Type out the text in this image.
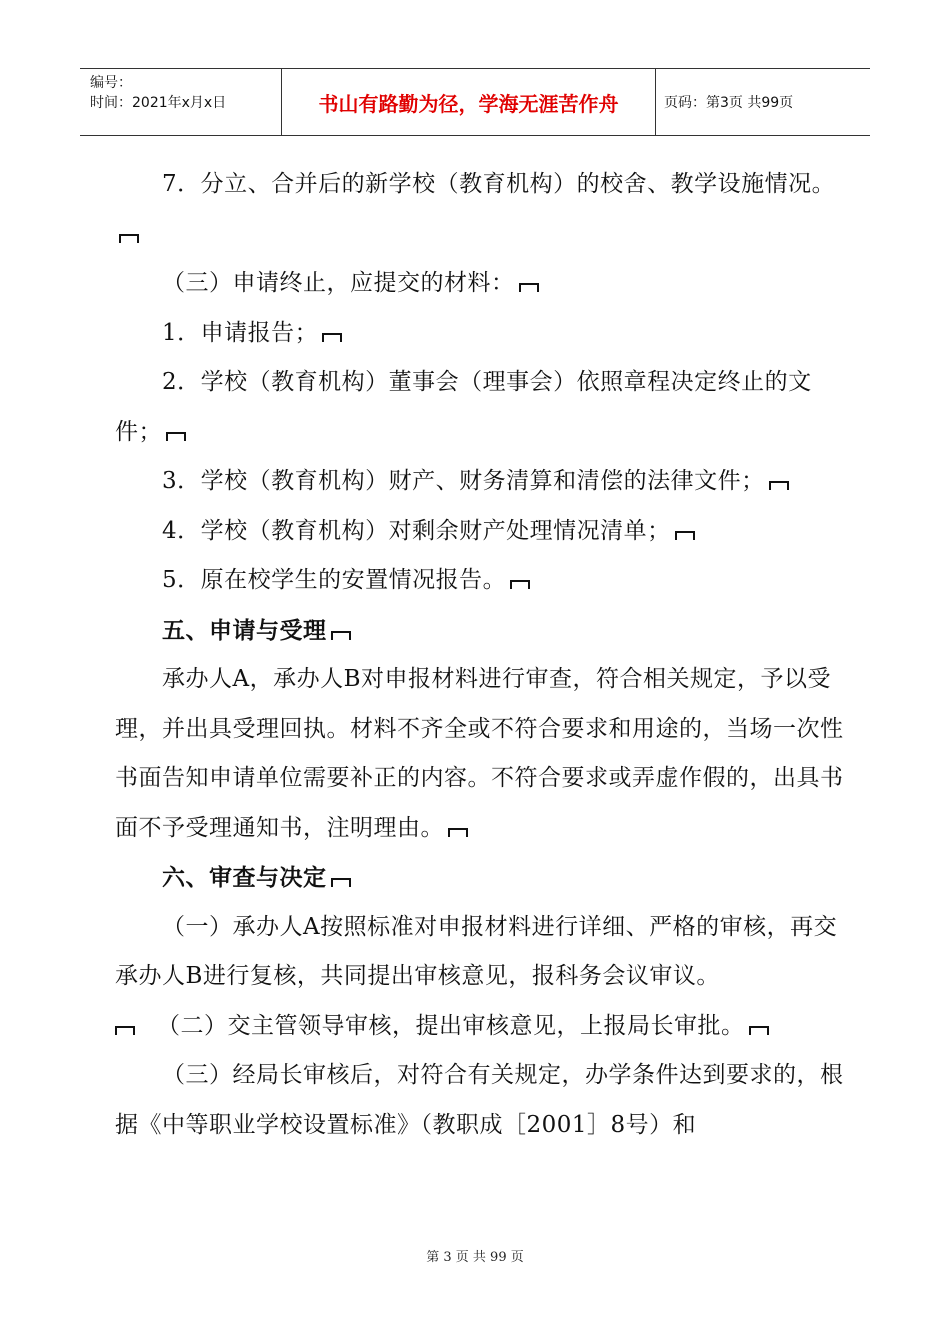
编号：
时间：2021年x月x日	书山有路勤为径，学海无涯苦作舟	页码：第3页 共99页

7．分立、合并后的新学校（教育机构）的校舍、教学设施情况。

（三）申请终止，应提交的材料：

1．申请报告；

2．学校（教育机构）董事会（理事会）依照章程决定终止的文件；

3．学校（教育机构）财产、财务清算和清偿的法律文件；

4．学校（教育机构）对剩余财产处理情况清单；

5．原在校学生的安置情况报告。

五、申请与受理

承办人A，承办人B对申报材料进行审查，符合相关规定，予以受理，并出具受理回执。材料不齐全或不符合要求和用途的，当场一次性书面告知申请单位需要补正的内容。不符合要求或弄虚作假的，出具书面不予受理通知书，注明理由。

六、审查与决定

（一）承办人A按照标准对申报材料进行详细、严格的审核，再交承办人B进行复核，共同提出审核意见，报科务会议审议。

（二）交主管领导审核，提出审核意见，上报局长审批。

（三）经局长审核后，对符合有关规定，办学条件达到要求的，根据《中等职业学校设置标准》（教职成［2001］8号）和

第 3 页 共 99 页
